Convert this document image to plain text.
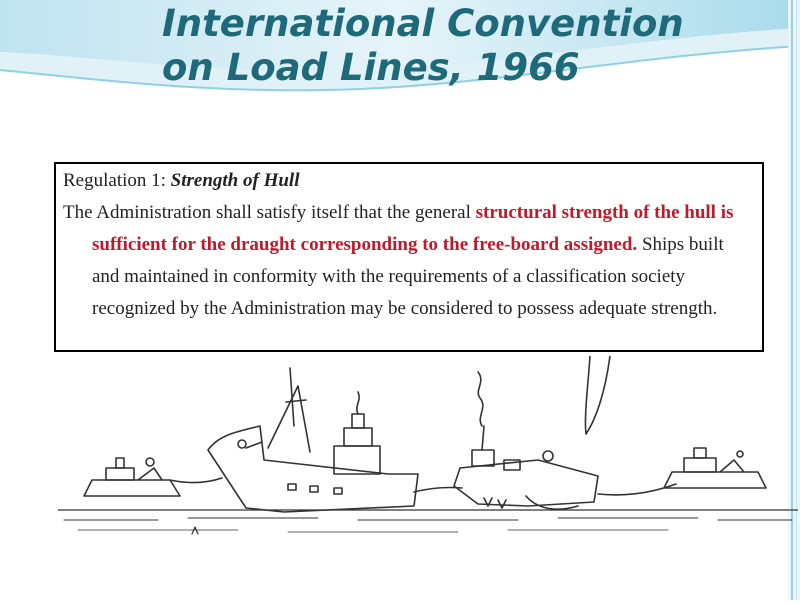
International Convention
on Load Lines, 1966
Regulation 1: Strength of Hull
The Administration shall satisfy itself that the general structural strength of the hull is sufficient for the draught corresponding to the free-board assigned. Ships built and maintained in conformity with the requirements of a classification society recognized by the Administration may be considered to possess adequate strength.
